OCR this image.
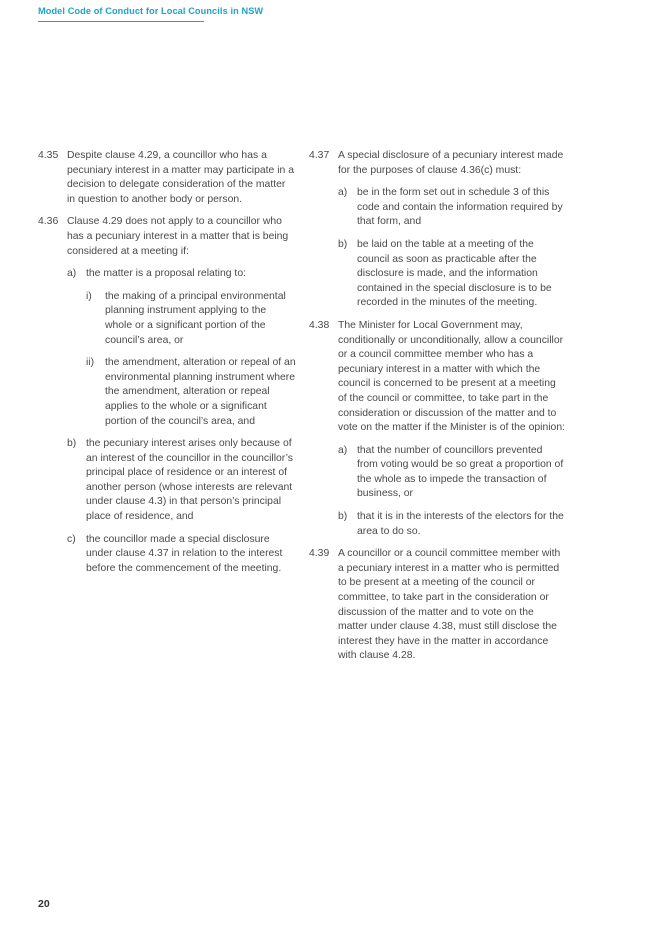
Model Code of Conduct for Local Councils in NSW
4.35 Despite clause 4.29, a councillor who has a pecuniary interest in a matter may participate in a decision to delegate consideration of the matter in question to another body or person.
4.36 Clause 4.29 does not apply to a councillor who has a pecuniary interest in a matter that is being considered at a meeting if:
a) the matter is a proposal relating to:
i) the making of a principal environmental planning instrument applying to the whole or a significant portion of the council’s area, or
ii) the amendment, alteration or repeal of an environmental planning instrument where the amendment, alteration or repeal applies to the whole or a significant portion of the council’s area, and
b) the pecuniary interest arises only because of an interest of the councillor in the councillor’s principal place of residence or an interest of another person (whose interests are relevant under clause 4.3) in that person’s principal place of residence, and
c) the councillor made a special disclosure under clause 4.37 in relation to the interest before the commencement of the meeting.
4.37 A special disclosure of a pecuniary interest made for the purposes of clause 4.36(c) must:
a) be in the form set out in schedule 3 of this code and contain the information required by that form, and
b) be laid on the table at a meeting of the council as soon as practicable after the disclosure is made, and the information contained in the special disclosure is to be recorded in the minutes of the meeting.
4.38 The Minister for Local Government may, conditionally or unconditionally, allow a councillor or a council committee member who has a pecuniary interest in a matter with which the council is concerned to be present at a meeting of the council or committee, to take part in the consideration or discussion of the matter and to vote on the matter if the Minister is of the opinion:
a) that the number of councillors prevented from voting would be so great a proportion of the whole as to impede the transaction of business, or
b) that it is in the interests of the electors for the area to do so.
4.39 A councillor or a council committee member with a pecuniary interest in a matter who is permitted to be present at a meeting of the council or committee, to take part in the consideration or discussion of the matter and to vote on the matter under clause 4.38, must still disclose the interest they have in the matter in accordance with clause 4.28.
20
